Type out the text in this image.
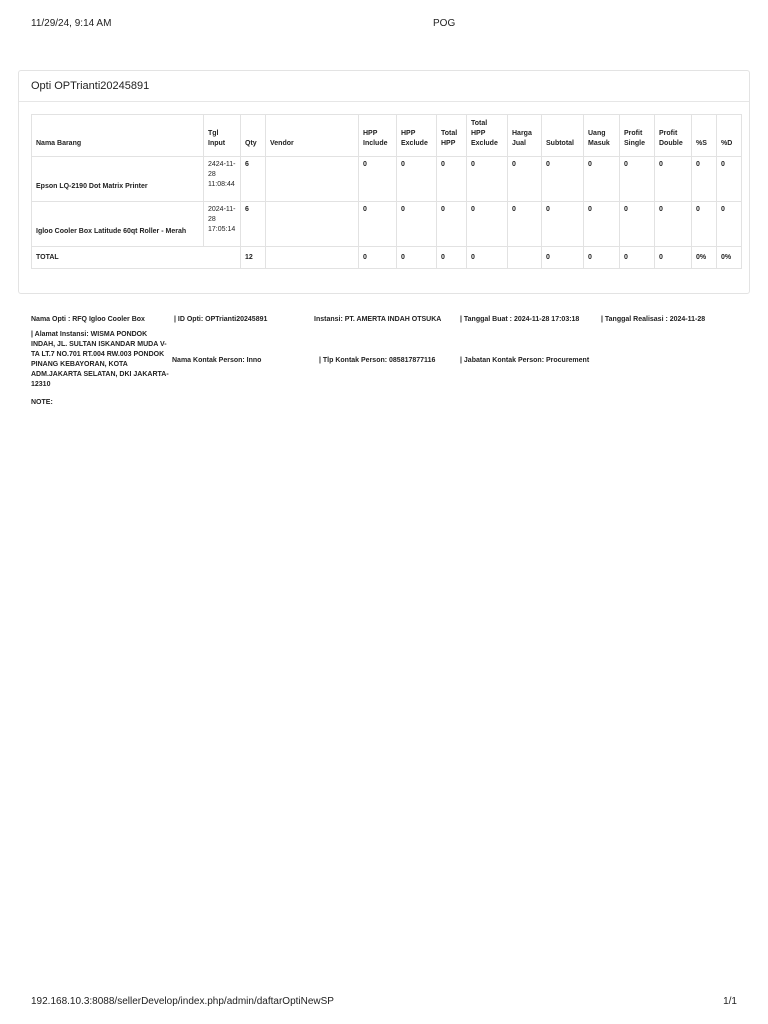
11/29/24, 9:14 AM	POG
Opti OPTrianti20245891
Nama Barang	Tgl Input	Qty	Vendor	HPP Include	HPP Exclude	Total HPP	Total HPP Exclude	Harga Jual	Subtotal	Uang Masuk	Profit Single	Profit Double	%S	%D
Epson LQ-2190 Dot Matrix Printer	2424-11-28 11:08:44	6		0	0	0	0	0	0	0	0	0	0	0
Igloo Cooler Box Latitude 60qt Roller - Merah	2024-11-28 17:05:14	6		0	0	0	0	0	0	0	0	0	0	0
TOTAL		12		0	0	0	0		0	0	0	0	0%	0%
Nama Opti : RFQ Igloo Cooler Box	| ID Opti: OPTrianti20245891	Instansi: PT. AMERTA INDAH OTSUKA	| Tanggal Buat : 2024-11-28 17:03:18	| Tanggal Realisasi : 2024-11-28
| Alamat Instansi: WISMA PONDOK INDAH, JL. SULTAN ISKANDAR MUDA V-TA LT.7 NO.701 RT.004 RW.003 PONDOK PINANG KEBAYORAN, KOTA ADM.JAKARTA SELATAN, DKI JAKARTA-12310
Nama Kontak Person: Inno	| Tlp Kontak Person: 085817877116	| Jabatan Kontak Person: Procurement
NOTE:
192.168.10.3:8088/sellerDevelop/index.php/admin/daftarOptiNewSP	1/1
